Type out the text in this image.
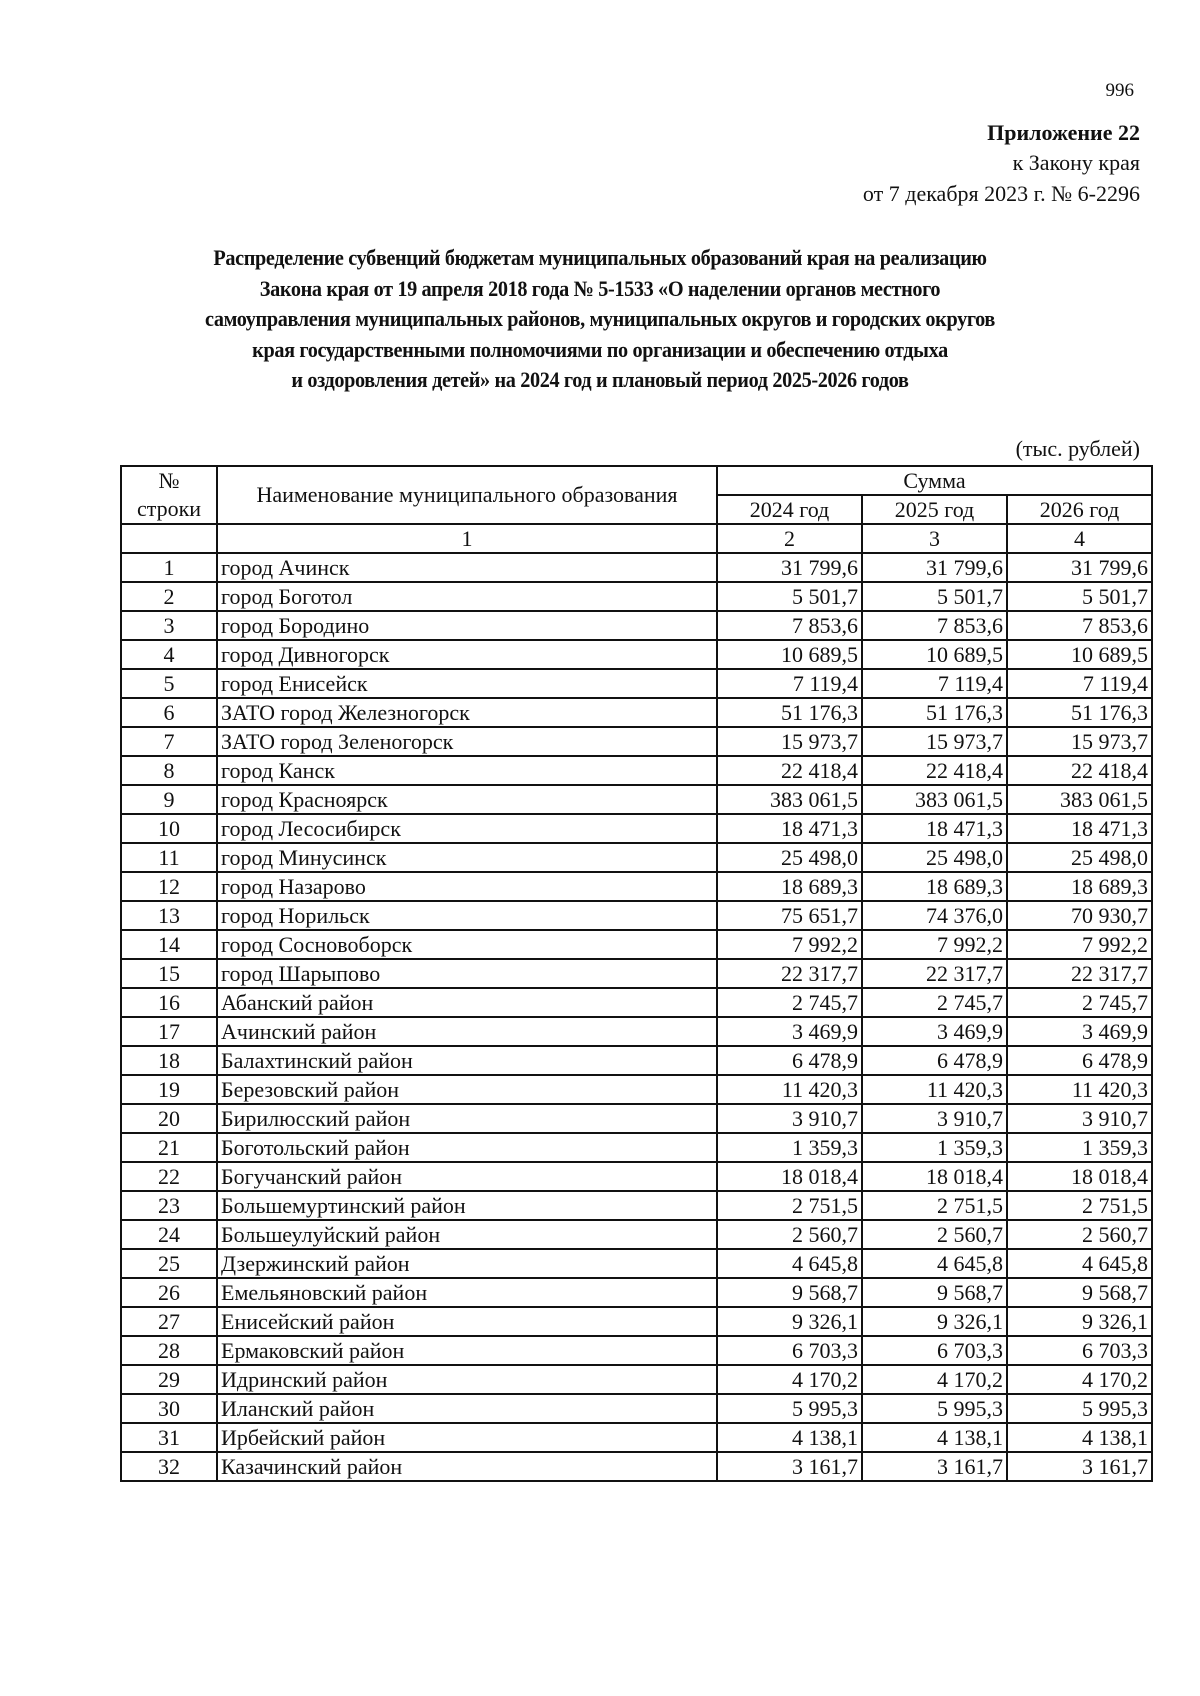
996
Приложение 22
к Закону края
от 7 декабря 2023 г. № 6-2296
Распределение субвенций бюджетам муниципальных образований края на реализацию
Закона края от 19 апреля 2018 года № 5-1533 «О наделении органов местного
самоуправления муниципальных районов, муниципальных округов и городских округов
края государственными полномочиями по организации и обеспечению отдыха
и оздоровления детей» на 2024 год и плановый период 2025-2026 годов
(тыс. рублей)
№ строки	Наименование муниципального образования	Сумма		
		2024 год	2025 год	2026 год
	1	2	3	4
1	город Ачинск	31 799,6	31 799,6	31 799,6
2	город Боготол	5 501,7	5 501,7	5 501,7
3	город Бородино	7 853,6	7 853,6	7 853,6
4	город Дивногорск	10 689,5	10 689,5	10 689,5
5	город Енисейск	7 119,4	7 119,4	7 119,4
6	ЗАТО город Железногорск	51 176,3	51 176,3	51 176,3
7	ЗАТО город Зеленогорск	15 973,7	15 973,7	15 973,7
8	город Канск	22 418,4	22 418,4	22 418,4
9	город Красноярск	383 061,5	383 061,5	383 061,5
10	город Лесосибирск	18 471,3	18 471,3	18 471,3
11	город Минусинск	25 498,0	25 498,0	25 498,0
12	город Назарово	18 689,3	18 689,3	18 689,3
13	город Норильск	75 651,7	74 376,0	70 930,7
14	город Сосновоборск	7 992,2	7 992,2	7 992,2
15	город Шарыпово	22 317,7	22 317,7	22 317,7
16	Абанский район	2 745,7	2 745,7	2 745,7
17	Ачинский район	3 469,9	3 469,9	3 469,9
18	Балахтинский район	6 478,9	6 478,9	6 478,9
19	Березовский район	11 420,3	11 420,3	11 420,3
20	Бирилюсский район	3 910,7	3 910,7	3 910,7
21	Боготольский район	1 359,3	1 359,3	1 359,3
22	Богучанский район	18 018,4	18 018,4	18 018,4
23	Большемуртинский район	2 751,5	2 751,5	2 751,5
24	Большеулуйский район	2 560,7	2 560,7	2 560,7
25	Дзержинский район	4 645,8	4 645,8	4 645,8
26	Емельяновский район	9 568,7	9 568,7	9 568,7
27	Енисейский район	9 326,1	9 326,1	9 326,1
28	Ермаковский район	6 703,3	6 703,3	6 703,3
29	Идринский район	4 170,2	4 170,2	4 170,2
30	Иланский район	5 995,3	5 995,3	5 995,3
31	Ирбейский район	4 138,1	4 138,1	4 138,1
32	Казачинский район	3 161,7	3 161,7	3 161,7
